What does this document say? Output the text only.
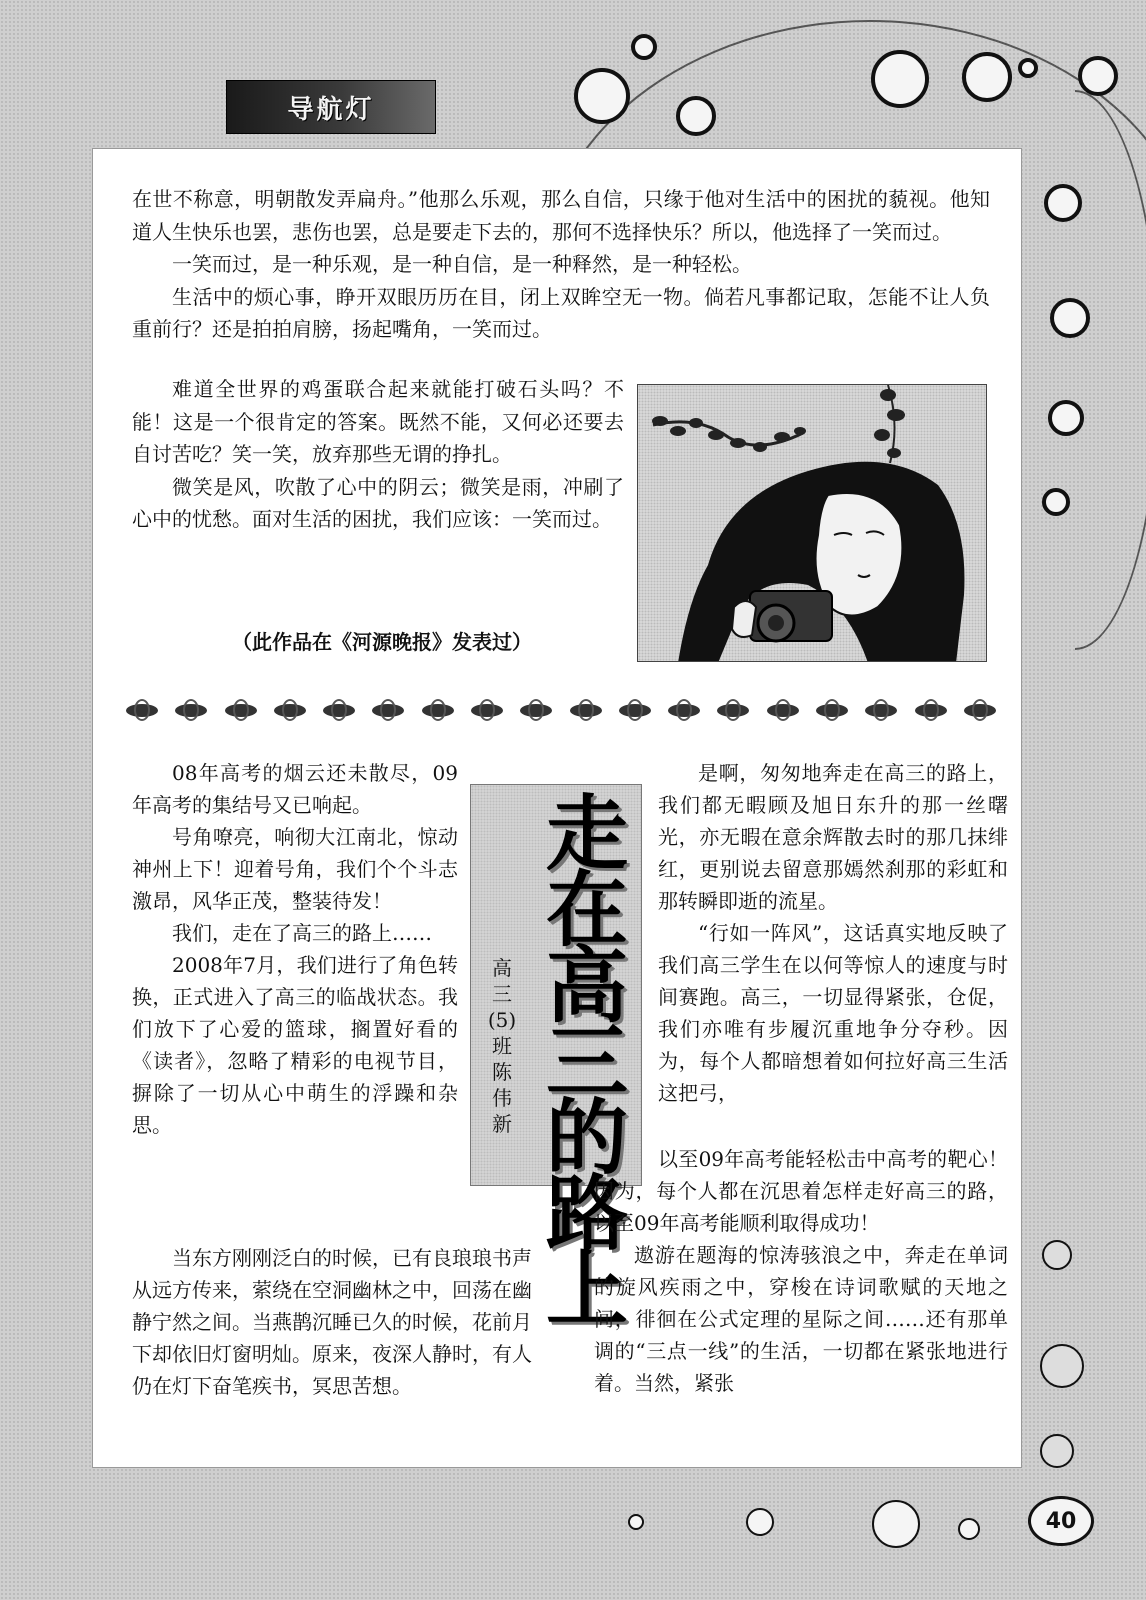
导航灯

在世不称意，明朝散发弄扁舟。”他那么乐观，那么自信，只缘于他对生活中的困扰的藐视。他知道人生快乐也罢，悲伤也罢，总是要走下去的，那何不选择快乐？所以，他选择了一笑而过。

一笑而过，是一种乐观，是一种自信，是一种释然，是一种轻松。

生活中的烦心事，睁开双眼历历在目，闭上双眸空无一物。倘若凡事都记取，怎能不让人负重前行？还是拍拍肩膀，扬起嘴角，一笑而过。

难道全世界的鸡蛋联合起来就能打破石头吗？不能！这是一个很肯定的答案。既然不能，又何必还要去自讨苦吃？笑一笑，放弃那些无谓的挣扎。

微笑是风，吹散了心中的阴云；微笑是雨，冲刷了心中的忧愁。面对生活的困扰，我们应该：一笑而过。

（此作品在《河源晚报》发表过）

08年高考的烟云还未散尽，09年高考的集结号又已响起。

号角嘹亮，响彻大江南北，惊动神州上下！迎着号角，我们个个斗志激昂，风华正茂，整装待发！

我们，走在了高三的路上……

2008年7月，我们进行了角色转换，正式进入了高三的临战状态。我们放下了心爱的篮球，搁置好看的《读者》，忽略了精彩的电视节目，摒除了一切从心中萌生的浮躁和杂思。

当东方刚刚泛白的时候，已有良琅琅书声从远方传来，萦绕在空洞幽林之中，回荡在幽静宁然之间。当燕鹊沉睡已久的时候，花前月下却依旧灯窗明灿。原来，夜深人静时，有人仍在灯下奋笔疾书，冥思苦想。

走在高三的路上
高三(5)班 陈伟新

是啊，匆匆地奔走在高三的路上，我们都无暇顾及旭日东升的那一丝曙光，亦无暇在意余辉散去时的那几抹绯红，更别说去留意那嫣然刹那的彩虹和那转瞬即逝的流星。

“行如一阵风”，这话真实地反映了我们高三学生在以何等惊人的速度与时间赛跑。高三，一切显得紧张，仓促，我们亦唯有步履沉重地争分夺秒。因为，每个人都暗想着如何拉好高三生活这把弓，

以至09年高考能轻松击中高考的靶心！因为，每个人都在沉思着怎样走好高三的路，以至09年高考能顺利取得成功！

遨游在题海的惊涛骇浪之中，奔走在单词的旋风疾雨之中，穿梭在诗词歌赋的天地之间，徘徊在公式定理的星际之间……还有那单调的“三点一线”的生活，一切都在紧张地进行着。当然，紧张

40
